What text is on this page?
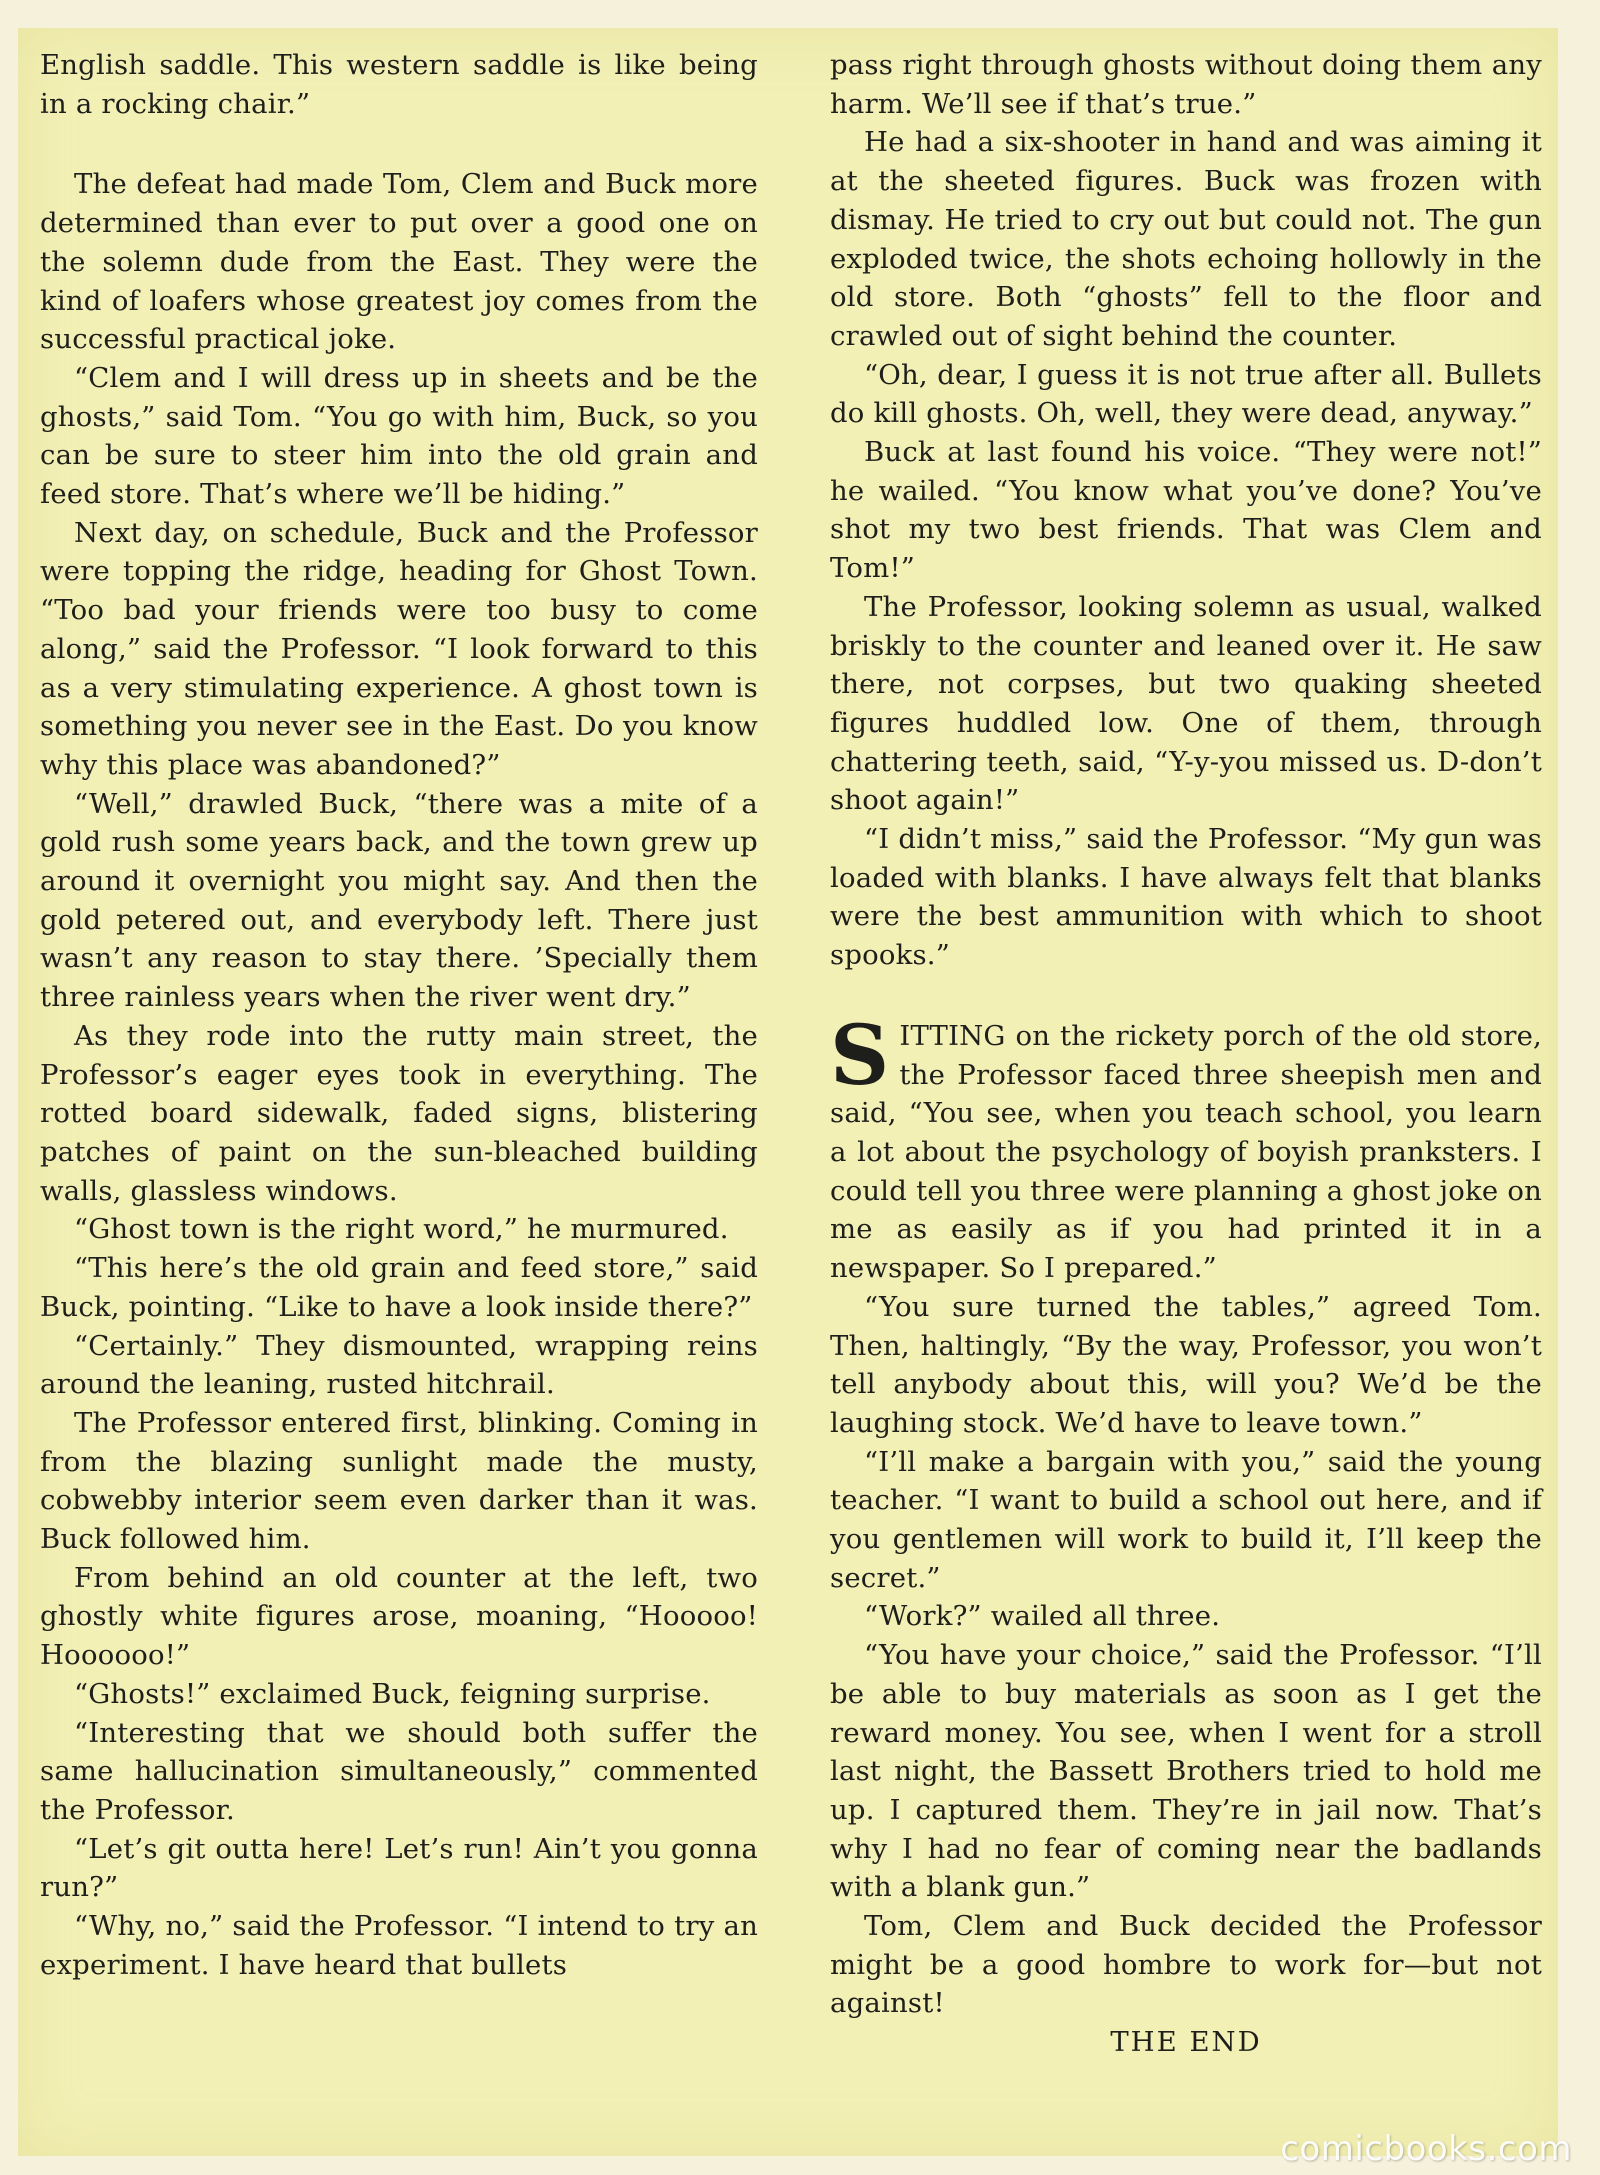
English saddle. This western saddle is like being in a rocking chair.”

The defeat had made Tom, Clem and Buck more determined than ever to put over a good one on the solemn dude from the East. They were the kind of loafers whose greatest joy comes from the successful practical joke.

“Clem and I will dress up in sheets and be the ghosts,” said Tom. “You go with him, Buck, so you can be sure to steer him into the old grain and feed store. That’s where we’ll be hiding.”

Next day, on schedule, Buck and the Professor were topping the ridge, heading for Ghost Town. “Too bad your friends were too busy to come along,” said the Professor. “I look forward to this as a very stimulating experience. A ghost town is something you never see in the East. Do you know why this place was abandoned?”

“Well,” drawled Buck, “there was a mite of a gold rush some years back, and the town grew up around it overnight you might say. And then the gold petered out, and everybody left. There just wasn’t any reason to stay there. ’Specially them three rainless years when the river went dry.”

As they rode into the rutty main street, the Professor’s eager eyes took in everything. The rotted board sidewalk, faded signs, blistering patches of paint on the sun-bleached building walls, glassless windows.

“Ghost town is the right word,” he murmured.

“This here’s the old grain and feed store,” said Buck, pointing. “Like to have a look inside there?”

“Certainly.” They dismounted, wrapping reins around the leaning, rusted hitchrail.

The Professor entered first, blinking. Coming in from the blazing sunlight made the musty, cobwebby interior seem even darker than it was. Buck followed him.

From behind an old counter at the left, two ghostly white figures arose, moaning, “Hooooo! Hoooooo!”

“Ghosts!” exclaimed Buck, feigning surprise.

“Interesting that we should both suffer the same hallucination simultaneously,” commented the Professor.

“Let’s git outta here! Let’s run! Ain’t you gonna run?”

“Why, no,” said the Professor. “I intend to try an experiment. I have heard that bullets

pass right through ghosts without doing them any harm. We’ll see if that’s true.”

He had a six-shooter in hand and was aiming it at the sheeted figures. Buck was frozen with dismay. He tried to cry out but could not. The gun exploded twice, the shots echoing hollowly in the old store. Both “ghosts” fell to the floor and crawled out of sight behind the counter.

“Oh, dear, I guess it is not true after all. Bullets do kill ghosts. Oh, well, they were dead, anyway.”

Buck at last found his voice. “They were not!” he wailed. “You know what you’ve done? You’ve shot my two best friends. That was Clem and Tom!”

The Professor, looking solemn as usual, walked briskly to the counter and leaned over it. He saw there, not corpses, but two quaking sheeted figures huddled low. One of them, through chattering teeth, said, “Y-y-you missed us. D-don’t shoot again!”

“I didn’t miss,” said the Professor. “My gun was loaded with blanks. I have always felt that blanks were the best ammunition with which to shoot spooks.”

SITTING on the rickety porch of the old store, the Professor faced three sheepish men and said, “You see, when you teach school, you learn a lot about the psychology of boyish pranksters. I could tell you three were planning a ghost joke on me as easily as if you had printed it in a newspaper. So I prepared.”

“You sure turned the tables,” agreed Tom. Then, haltingly, “By the way, Professor, you won’t tell anybody about this, will you? We’d be the laughing stock. We’d have to leave town.”

“I’ll make a bargain with you,” said the young teacher. “I want to build a school out here, and if you gentlemen will work to build it, I’ll keep the secret.”

“Work?” wailed all three.

“You have your choice,” said the Professor. “I’ll be able to buy materials as soon as I get the reward money. You see, when I went for a stroll last night, the Bassett Brothers tried to hold me up. I captured them. They’re in jail now. That’s why I had no fear of coming near the badlands with a blank gun.”

Tom, Clem and Buck decided the Professor might be a good hombre to work for—but not against!

THE END

comicbooks.com
